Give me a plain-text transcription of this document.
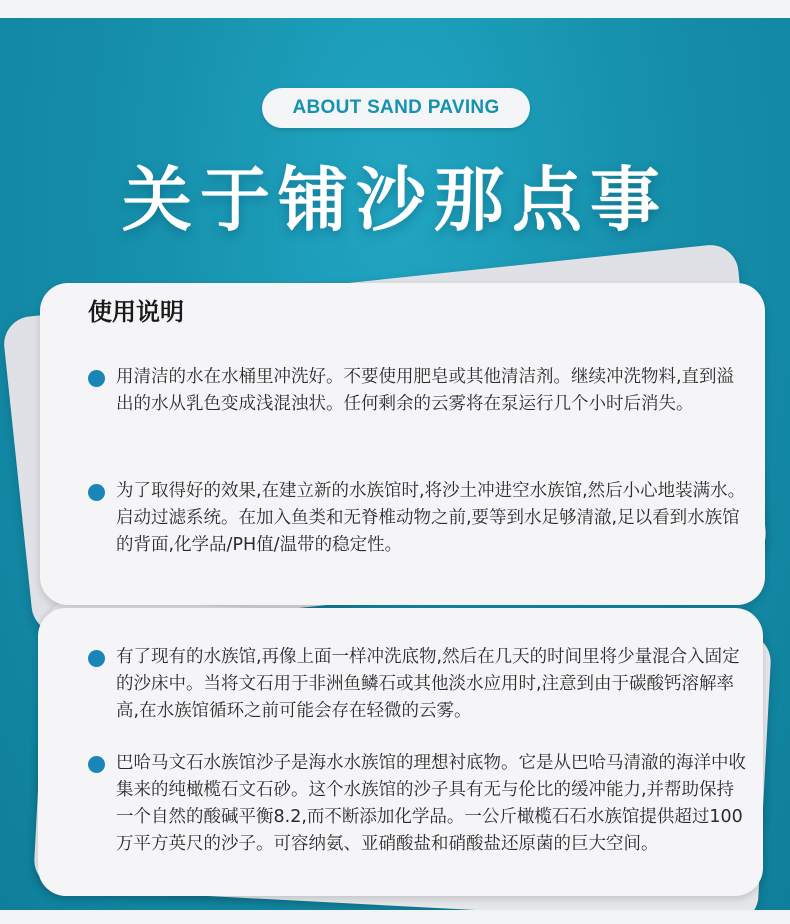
ABOUT SAND PAVING
关于铺沙那点事
使用说明
用清洁的水在水桶里冲洗好。不要使用肥皂或其他清洁剂。继续冲洗物料,直到溢出的水从乳色变成浅混浊状。任何剩余的云雾将在泵运行几个小时后消失。
为了取得好的效果,在建立新的水族馆时,将沙土冲进空水族馆,然后小心地装满水。启动过滤系统。在加入鱼类和无脊椎动物之前,要等到水足够清澈,足以看到水族馆的背面,化学品/PH值/温带的稳定性。
有了现有的水族馆,再像上面一样冲洗底物,然后在几天的时间里将少量混合入固定的沙床中。当将文石用于非洲鱼鳞石或其他淡水应用时,注意到由于碳酸钙溶解率高,在水族馆循环之前可能会存在轻微的云雾。
巴哈马文石水族馆沙子是海水水族馆的理想衬底物。它是从巴哈马清澈的海洋中收集来的纯橄榄石文石砂。这个水族馆的沙子具有无与伦比的缓冲能力,并帮助保持一个自然的酸碱平衡8.2,而不断添加化学品。一公斤橄榄石石水族馆提供超过100万平方英尺的沙子。可容纳氨、亚硝酸盐和硝酸盐还原菌的巨大空间。
